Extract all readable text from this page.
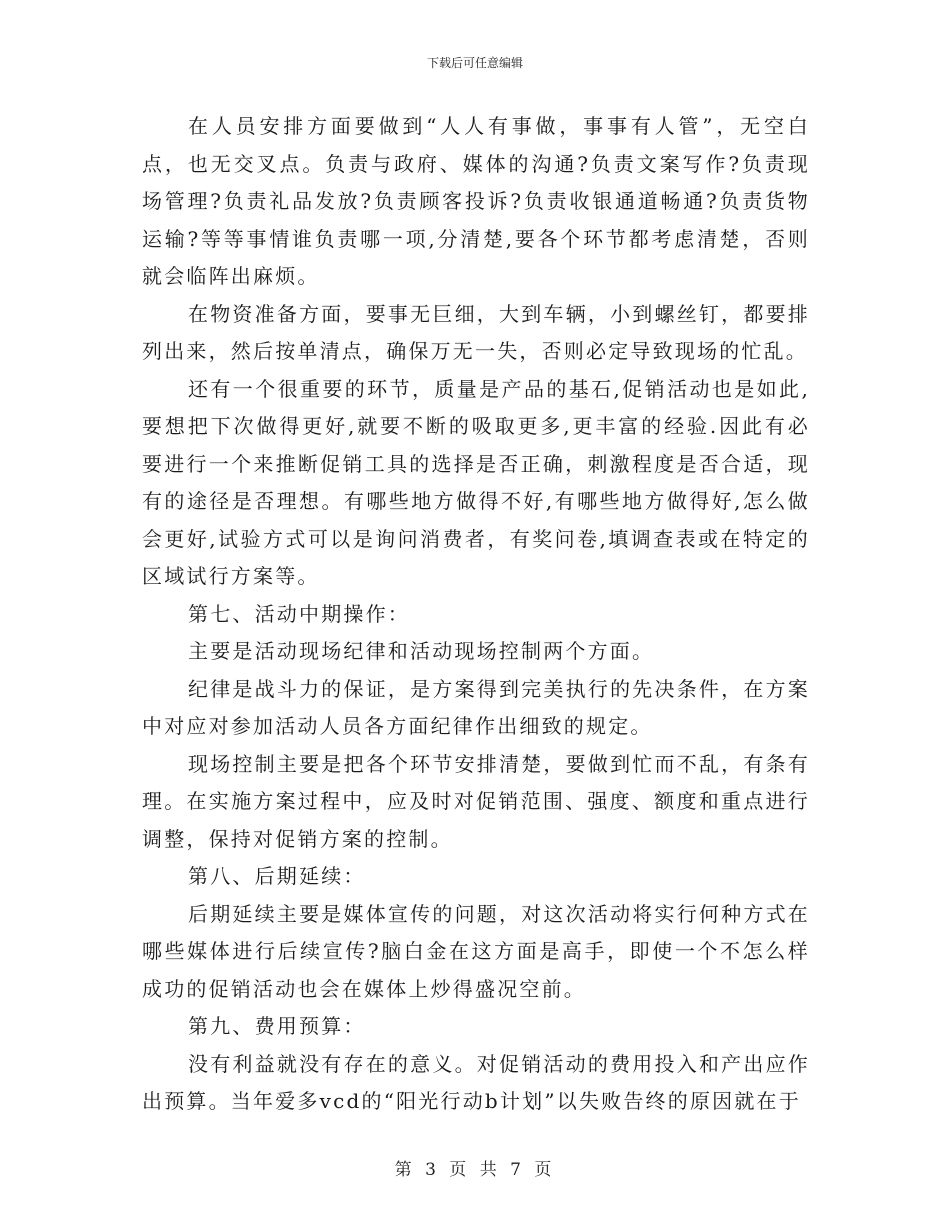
下载后可任意编辑

在人员安排方面要做到“人人有事做，事事有人管”，无空白点，也无交叉点。负责与政府、媒体的沟通?负责文案写作?负责现场管理?负责礼品发放?负责顾客投诉?负责收银通道畅通?负责货物运输?等等事情谁负责哪一项,分清楚,要各个环节都考虑清楚，否则就会临阵出麻烦。

在物资准备方面，要事无巨细，大到车辆，小到螺丝钉，都要排列出来，然后按单清点，确保万无一失，否则必定导致现场的忙乱。

还有一个很重要的环节，质量是产品的基石,促销活动也是如此,要想把下次做得更好,就要不断的吸取更多,更丰富的经验.因此有必要进行一个来推断促销工具的选择是否正确，刺激程度是否合适，现有的途径是否理想。有哪些地方做得不好,有哪些地方做得好,怎么做会更好,试验方式可以是询问消费者，有奖问卷,填调查表或在特定的区域试行方案等。

第七、活动中期操作：

主要是活动现场纪律和活动现场控制两个方面。

纪律是战斗力的保证，是方案得到完美执行的先决条件，在方案中对应对参加活动人员各方面纪律作出细致的规定。

现场控制主要是把各个环节安排清楚，要做到忙而不乱，有条有理。在实施方案过程中，应及时对促销范围、强度、额度和重点进行调整，保持对促销方案的控制。

第八、后期延续：

后期延续主要是媒体宣传的问题，对这次活动将实行何种方式在哪些媒体进行后续宣传?脑白金在这方面是高手，即使一个不怎么样成功的促销活动也会在媒体上炒得盛况空前。

第九、费用预算：

没有利益就没有存在的意义。对促销活动的费用投入和产出应作出预算。当年爱多vcd的“阳光行动b计划”以失败告终的原因就在于

第 3 页 共 7 页
